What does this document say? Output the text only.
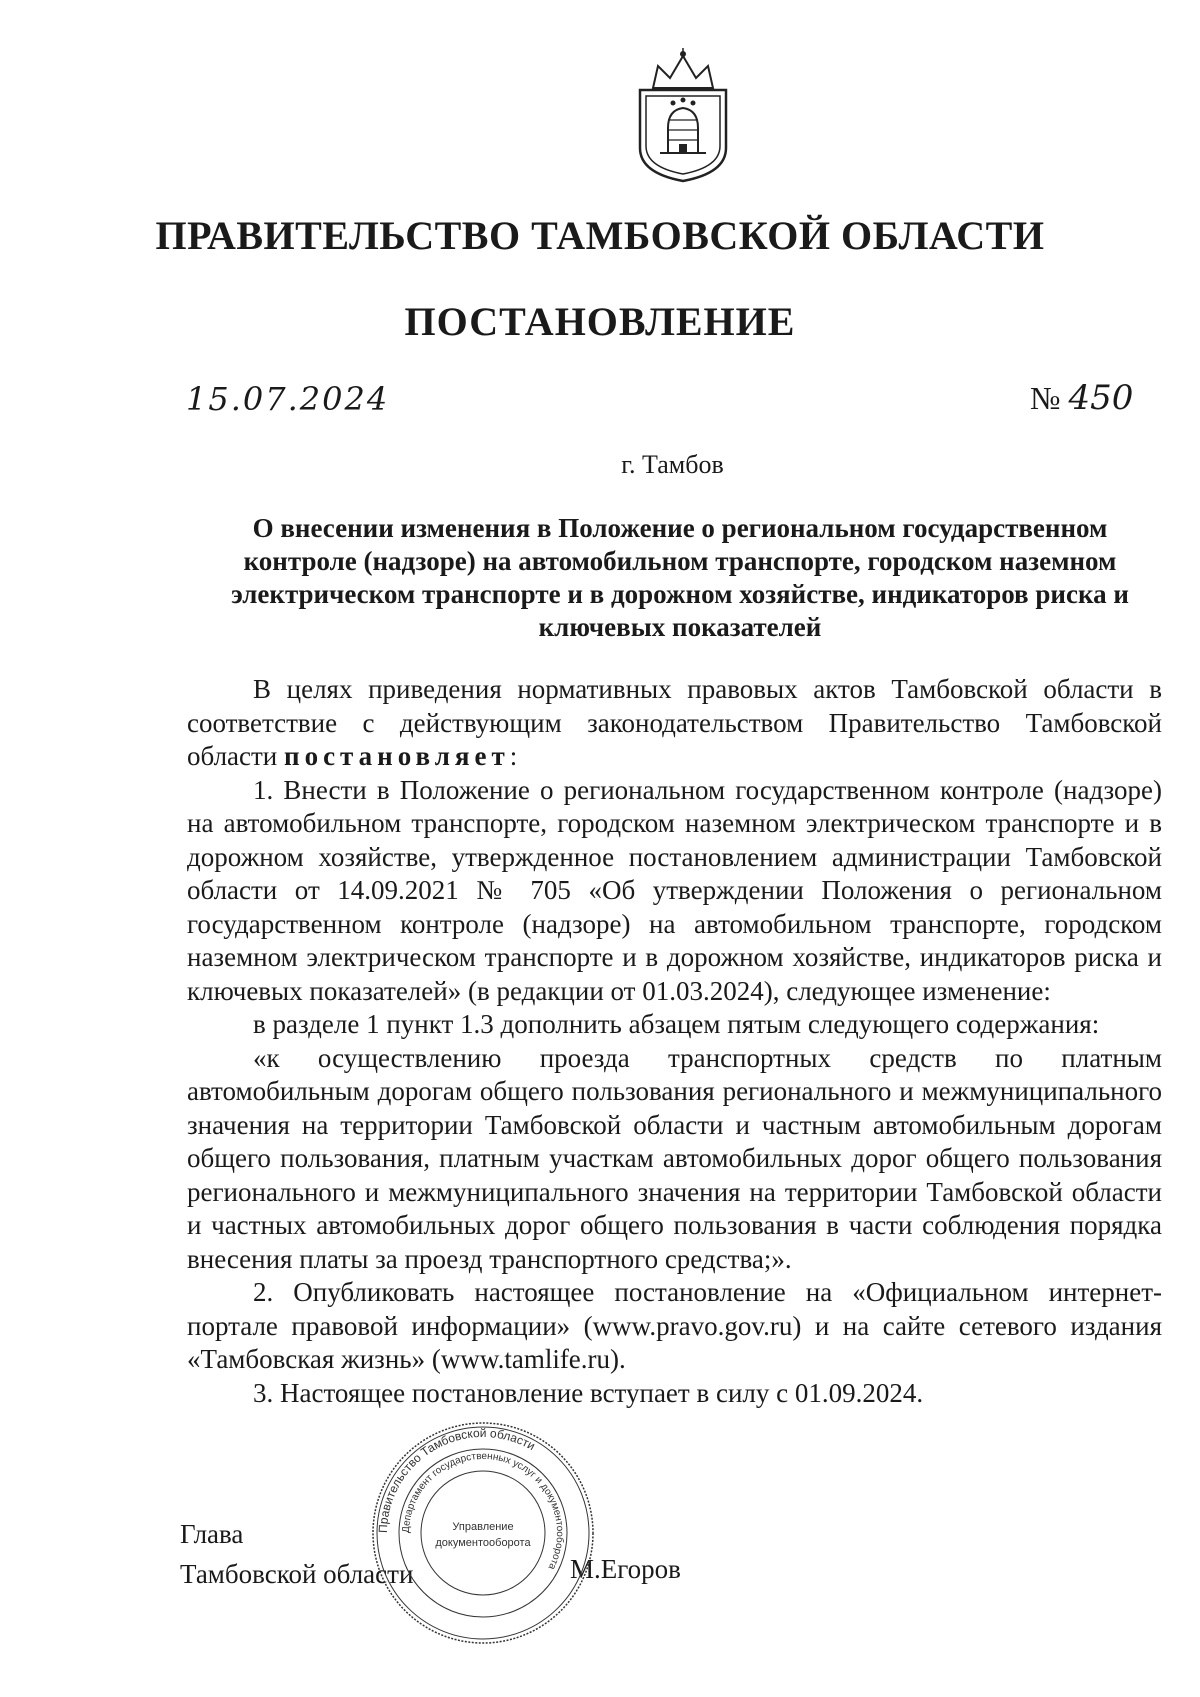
ПРАВИТЕЛЬСТВО ТАМБОВСКОЙ ОБЛАСТИ
ПОСТАНОВЛЕНИЕ
15.07.2024	№ 450
г. Тамбов
О внесении изменения в Положение о региональном государственном контроле (надзоре) на автомобильном транспорте, городском наземном электрическом транспорте и в дорожном хозяйстве, индикаторов риска и ключевых показателей

В целях приведения нормативных правовых актов Тамбовской области в соответствие с действующим законодательством Правительство Тамбовской области постановляет:

1. Внести в Положение о региональном государственном контроле (надзоре) на автомобильном транспорте, городском наземном электрическом транспорте и в дорожном хозяйстве, утвержденное постановлением администрации Тамбовской области от 14.09.2021 № 705 «Об утверждении Положения о региональном государственном контроле (надзоре) на автомобильном транспорте, городском наземном электрическом транспорте и в дорожном хозяйстве, индикаторов риска и ключевых показателей» (в редакции от 01.03.2024), следующее изменение:

в разделе 1 пункт 1.3 дополнить абзацем пятым следующего содержания:

«к осуществлению проезда транспортных средств по платным автомобильным дорогам общего пользования регионального и межмуниципального значения на территории Тамбовской области и частным автомобильным дорогам общего пользования, платным участкам автомобильных дорог общего пользования регионального и межмуниципального значения на территории Тамбовской области и частных автомобильных дорог общего пользования в части соблюдения порядка внесения платы за проезд транспортного средства;».

2. Опубликовать настоящее постановление на «Официальном интернет-портале правовой информации» (www.pravo.gov.ru) и на сайте сетевого издания «Тамбовская жизнь» (www.tamlife.ru).

3. Настоящее постановление вступает в силу с 01.09.2024.

Глава
Тамбовской области	М.Егоров
Правительство Тамбовской области
Департамент государственных услуг и документооборота
Управление
документооборота
